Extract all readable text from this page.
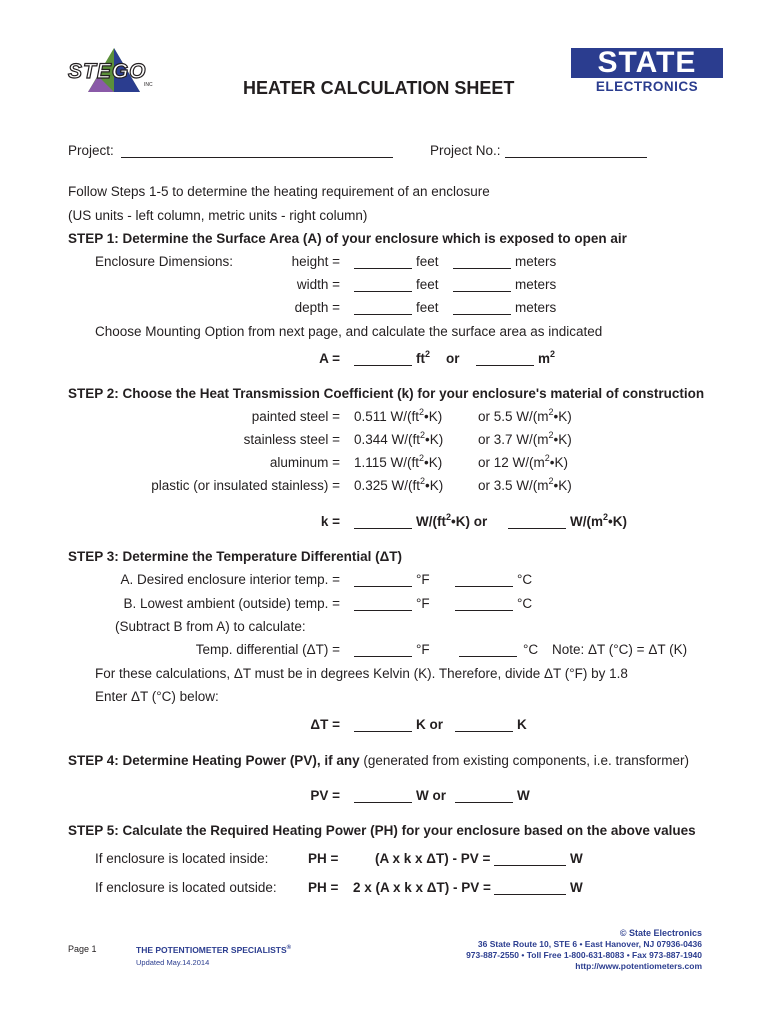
STEGO
INC	HEATER CALCULATION SHEET
STATE
ELECTRONICS
Project:	Project No.:
Follow Steps 1-5 to determine the heating requirement of an enclosure
(US units - left column, metric units - right column)
STEP 1: Determine the Surface Area (A) of your enclosure which is exposed to open air
Enclosure Dimensions:	height =	feet	meters
width =	feet	meters
depth =	feet	meters
Choose Mounting Option from next page, and calculate the surface area as indicated
A =	$ft^2$ or	$m^2$
STEP 2: Choose the Heat Transmission Coefficient (k) for your enclosure's material of construction
painted steel = 0.511 $W/(ft^2•K)$	or 5.5 $W/(m^2•K)$
stainless steel = 0.344 $W/(ft^2•K)$	or 3.7 $W/(m^2•K)$
aluminum = 1.115 $W/(ft^2•K)$	or 12 $W/(m^2•K)$
plastic (or insulated stainless) = 0.325 $W/(ft^2•K)$	or 3.5 $W/(m^2•K)$
k =	$W/(ft^2•K)$ or	$W/(m^2•K)$
STEP 3: Determine the Temperature Differential (ΔT)
A. Desired enclosure interior temp. =	°F	°C
B. Lowest ambient (outside) temp. =	°F	°C
(Subtract B from A) to calculate:
Temp. differential (ΔT) =	°F	°C Note: ΔT (°C) = ΔT (K)
For these calculations, ΔT must be in degrees Kelvin (K). Therefore, divide ΔT (°F) by 1.8
Enter ΔT (°C) below:
ΔT =	K or	K
STEP 4: Determine Heating Power (PV), if any (generated from existing components, i.e. transformer)
PV =	W or	W
STEP 5: Calculate the Required Heating Power (PH) for your enclosure based on the above values
If enclosure is located inside:	PH =	(A x k x ΔT) - PV =	W
If enclosure is located outside: PH = 2 x (A x k x ΔT) - PV =	W
Page 1	THE POTENTIOMETER SPECIALISTS®
Updated May.14.2014
© State Electronics
36 State Route 10, STE 6 • East Hanover, NJ 07936-0436
973-887-2550 • Toll Free 1-800-631-8083 • Fax 973-887-1940
http://www.potentiometers.com
